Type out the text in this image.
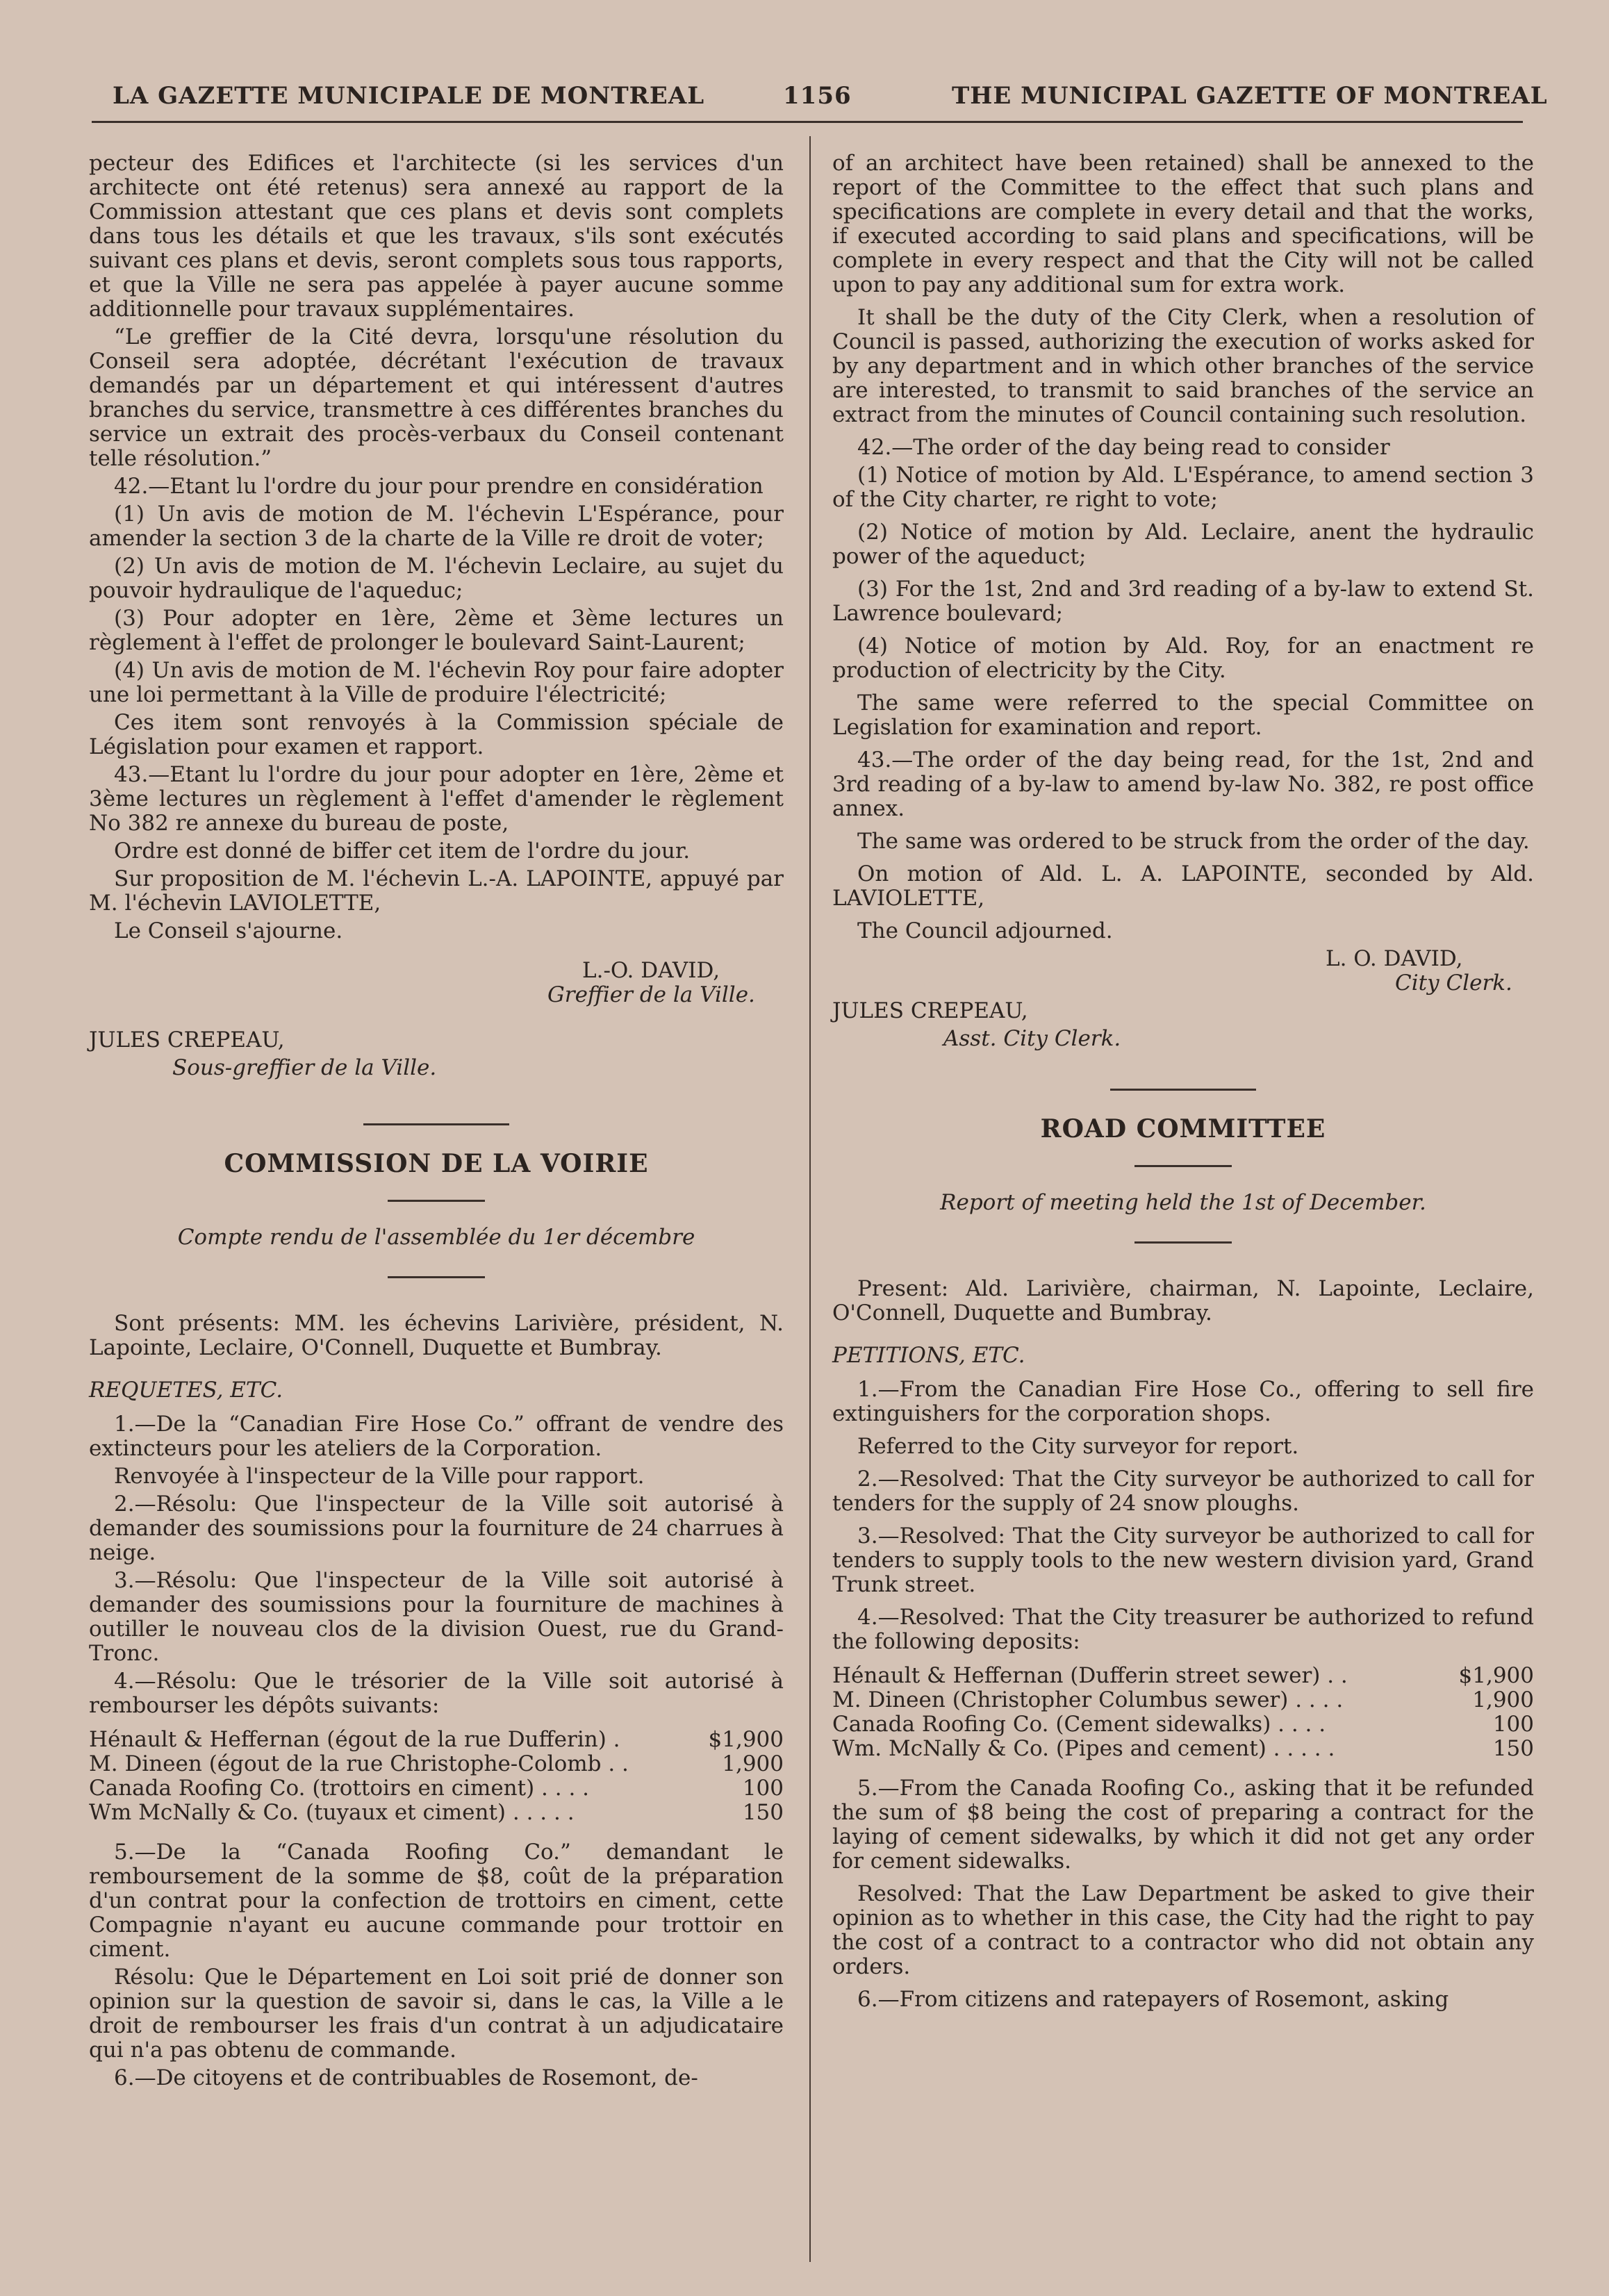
LA GAZETTE MUNICIPALE DE MONTREAL	1156	THE MUNICIPAL GAZETTE OF MONTREAL

pecteur des Edifices et l'architecte (si les services d'un architecte ont été retenus) sera annexé au rapport de la Commission attestant que ces plans et devis sont complets dans tous les détails et que les travaux, s'ils sont exécutés suivant ces plans et devis, seront complets sous tous rapports, et que la Ville ne sera pas appelée à payer aucune somme additionnelle pour travaux supplémentaires.

“Le greffier de la Cité devra, lorsqu'une résolution du Conseil sera adoptée, décrétant l'exécution de travaux demandés par un département et qui intéressent d'autres branches du service, transmettre à ces différentes branches du service un extrait des procès-verbaux du Conseil contenant telle résolution.”

42.—Etant lu l'ordre du jour pour prendre en considération

(1) Un avis de motion de M. l'échevin L'Espérance, pour amender la section 3 de la charte de la Ville re droit de voter;

(2) Un avis de motion de M. l'échevin Leclaire, au sujet du pouvoir hydraulique de l'aqueduc;

(3) Pour adopter en 1ère, 2ème et 3ème lectures un règlement à l'effet de prolonger le boulevard Saint-Laurent;

(4) Un avis de motion de M. l'échevin Roy pour faire adopter une loi permettant à la Ville de produire l'électricité;

Ces item sont renvoyés à la Commission spéciale de Législation pour examen et rapport.

43.—Etant lu l'ordre du jour pour adopter en 1ère, 2ème et 3ème lectures un règlement à l'effet d'amender le règlement No 382 re annexe du bureau de poste,

Ordre est donné de biffer cet item de l'ordre du jour.

Sur proposition de M. l'échevin L.-A. LAPOINTE, appuyé par M. l'échevin LAVIOLETTE,

Le Conseil s'ajourne.

L.-O. DAVID,

Greffier de la Ville.

JULES CREPEAU,

Sous-greffier de la Ville.

COMMISSION DE LA VOIRIE

Compte rendu de l'assemblée du 1er décembre

Sont présents: MM. les échevins Larivière, président, N. Lapointe, Leclaire, O'Connell, Duquette et Bumbray.

REQUETES, ETC.

1.—De la “Canadian Fire Hose Co.” offrant de vendre des extincteurs pour les ateliers de la Corporation.

Renvoyée à l'inspecteur de la Ville pour rapport.

2.—Résolu: Que l'inspecteur de la Ville soit autorisé à demander des soumissions pour la fourniture de 24 charrues à neige.

3.—Résolu: Que l'inspecteur de la Ville soit autorisé à demander des soumissions pour la fourniture de machines à outiller le nouveau clos de la division Ouest, rue du Grand-Tronc.

4.—Résolu: Que le trésorier de la Ville soit autorisé à rembourser les dépôts suivants:

Hénault & Heffernan (égout de la rue Dufferin) .	$1,900
M. Dineen (égout de la rue Christophe-Colomb . .	1,900
Canada Roofing Co. (trottoirs en ciment) . . . .	100
Wm McNally & Co. (tuyaux et ciment) . . . . .	150

5.—De la “Canada Roofing Co.” demandant le remboursement de la somme de $8, coût de la préparation d'un contrat pour la confection de trottoirs en ciment, cette Compagnie n'ayant eu aucune commande pour trottoir en ciment.

Résolu: Que le Département en Loi soit prié de donner son opinion sur la question de savoir si, dans le cas, la Ville a le droit de rembourser les frais d'un contrat à un adjudicataire qui n'a pas obtenu de commande.

6.—De citoyens et de contribuables de Rosemont, de-

of an architect have been retained) shall be annexed to the report of the Committee to the effect that such plans and specifications are complete in every detail and that the works, if executed according to said plans and specifications, will be complete in every respect and that the City will not be called upon to pay any additional sum for extra work.

It shall be the duty of the City Clerk, when a resolution of Council is passed, authorizing the execution of works asked for by any department and in which other branches of the service are interested, to transmit to said branches of the service an extract from the minutes of Council containing such resolution.

42.—The order of the day being read to consider

(1) Notice of motion by Ald. L'Espérance, to amend section 3 of the City charter, re right to vote;

(2) Notice of motion by Ald. Leclaire, anent the hydraulic power of the aqueduct;

(3) For the 1st, 2nd and 3rd reading of a by-law to extend St. Lawrence boulevard;

(4) Notice of motion by Ald. Roy, for an enactment re production of electricity by the City.

The same were referred to the special Committee on Legislation for examination and report.

43.—The order of the day being read, for the 1st, 2nd and 3rd reading of a by-law to amend by-law No. 382, re post office annex.

The same was ordered to be struck from the order of the day.

On motion of Ald. L. A. LAPOINTE, seconded by Ald. LAVIOLETTE,

The Council adjourned.

L. O. DAVID,

City Clerk.

JULES CREPEAU,

Asst. City Clerk.

ROAD COMMITTEE

Report of meeting held the 1st of December.

Present: Ald. Larivière, chairman, N. Lapointe, Leclaire, O'Connell, Duquette and Bumbray.

PETITIONS, ETC.

1.—From the Canadian Fire Hose Co., offering to sell fire extinguishers for the corporation shops.

Referred to the City surveyor for report.

2.—Resolved: That the City surveyor be authorized to call for tenders for the supply of 24 snow ploughs.

3.—Resolved: That the City surveyor be authorized to call for tenders to supply tools to the new western division yard, Grand Trunk street.

4.—Resolved: That the City treasurer be authorized to refund the following deposits:

Hénault & Heffernan (Dufferin street sewer) . .	$1,900
M. Dineen (Christopher Columbus sewer) . . . .	1,900
Canada Roofing Co. (Cement sidewalks) . . . .	100
Wm. McNally & Co. (Pipes and cement) . . . . .	150

5.—From the Canada Roofing Co., asking that it be refunded the sum of $8 being the cost of preparing a contract for the laying of cement sidewalks, by which it did not get any order for cement sidewalks.

Resolved: That the Law Department be asked to give their opinion as to whether in this case, the City had the right to pay the cost of a contract to a contractor who did not obtain any orders.

6.—From citizens and ratepayers of Rosemont, asking
